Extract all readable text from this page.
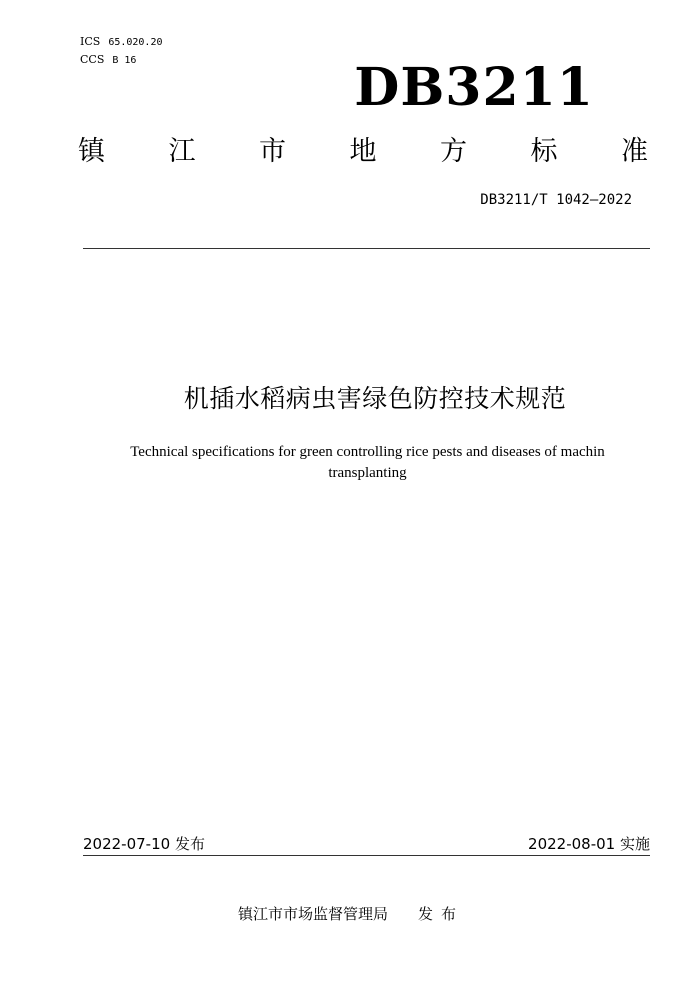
ICS 65.020.20
CCS B 16	DB3211
镇 江 市 地 方 标 准
DB3211/T 1042—2022
机插水稻病虫害绿色防控技术规范
Technical specifications for green controlling rice pests and diseases of machin
transplanting
2022-07-10 发布	2022-08-01 实施
镇江市市场监督管理局 发布
